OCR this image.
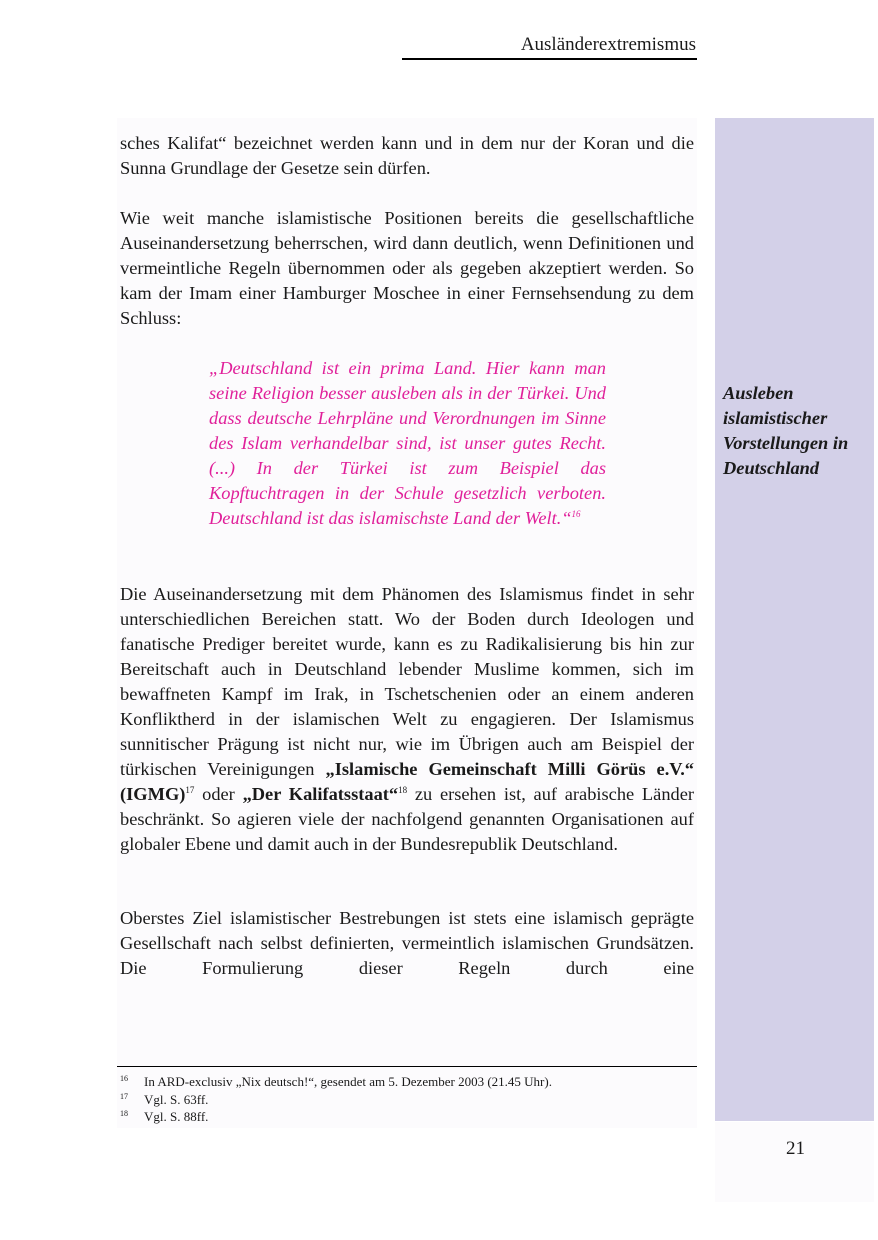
Ausländerextremismus
sches Kalifat“ bezeichnet werden kann und in dem nur der Koran und die Sunna Grundlage der Gesetze sein dürfen.
Wie weit manche islamistische Positionen bereits die gesellschaftliche Auseinandersetzung beherrschen, wird dann deutlich, wenn Definitionen und vermeintliche Regeln übernommen oder als gegeben akzeptiert werden. So kam der Imam einer Hamburger Moschee in einer Fernsehsendung zu dem Schluss:
„Deutschland ist ein prima Land. Hier kann man seine Religion besser ausleben als in der Türkei. Und dass deutsche Lehrpläne und Verordnungen im Sinne des Islam verhandelbar sind, ist unser gutes Recht. (...) In der Türkei ist zum Beispiel das Kopftuchtragen in der Schule gesetzlich verboten. Deutschland ist das islamischste Land der Welt.“$^{16}$
Die Auseinandersetzung mit dem Phänomen des Islamismus findet in sehr unterschiedlichen Bereichen statt. Wo der Boden durch Ideologen und fanatische Prediger bereitet wurde, kann es zu Radikalisierung bis hin zur Bereitschaft auch in Deutschland lebender Muslime kommen, sich im bewaffneten Kampf im Irak, in Tschetschenien oder an einem anderen Konfliktherd in der islamischen Welt zu engagieren. Der Islamismus sunnitischer Prägung ist nicht nur, wie im Übrigen auch am Beispiel der türkischen Vereinigungen „Islamische Gemeinschaft Milli Görüs e.V.“ (IGMG)$^{17}$ oder „Der Kalifatsstaat“$^{18}$ zu ersehen ist, auf arabische Länder beschränkt. So agieren viele der nachfolgend genannten Organisationen auf globaler Ebene und damit auch in der Bundesrepublik Deutschland.
Oberstes Ziel islamistischer Bestrebungen ist stets eine islamisch geprägte Gesellschaft nach selbst definierten, vermeintlich islamischen Grundsätzen. Die Formulierung dieser Regeln durch eine
Ausleben islamistischer Vorstellungen in Deutschland
16	In ARD-exclusiv „Nix deutsch!“, gesendet am 5. Dezember 2003 (21.45 Uhr).
17	Vgl. S. 63ff.
18	Vgl. S. 88ff.
21
